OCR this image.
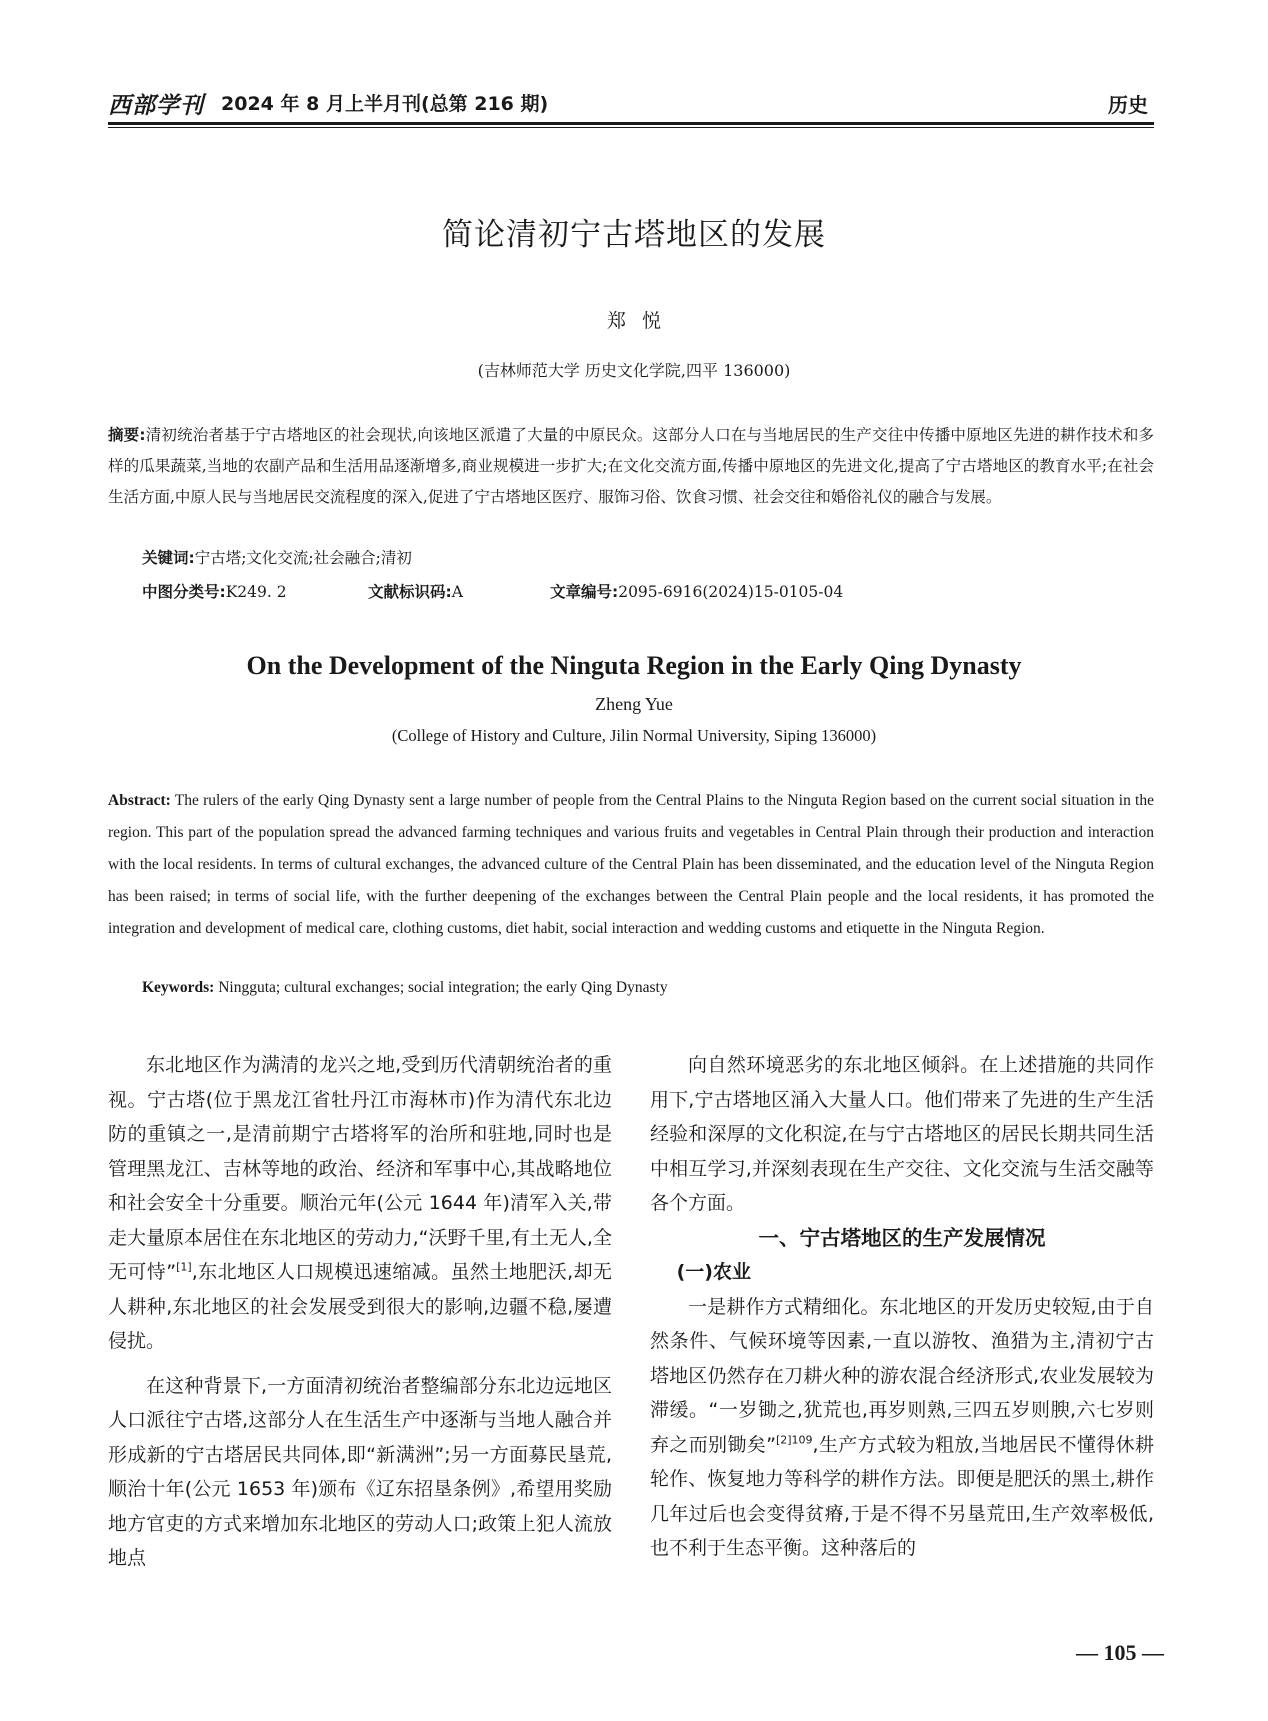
西部学刊 2024 年 8 月上半月刊(总第 216 期)	历史
简论清初宁古塔地区的发展
郑悦
(吉林师范大学 历史文化学院,四平 136000)
摘要:清初统治者基于宁古塔地区的社会现状,向该地区派遣了大量的中原民众。这部分人口在与当地居民的生产交往中传播中原地区先进的耕作技术和多样的瓜果蔬菜,当地的农副产品和生活用品逐渐增多,商业规模进一步扩大;在文化交流方面,传播中原地区的先进文化,提高了宁古塔地区的教育水平;在社会生活方面,中原人民与当地居民交流程度的深入,促进了宁古塔地区医疗、服饰习俗、饮食习惯、社会交往和婚俗礼仪的融合与发展。
关键词:宁古塔;文化交流;社会融合;清初
中图分类号:K249. 2	文献标识码:A	文章编号:2095-6916(2024)15-0105-04
On the Development of the Ninguta Region in the Early Qing Dynasty
Zheng Yue
(College of History and Culture, Jilin Normal University, Siping 136000)
Abstract: The rulers of the early Qing Dynasty sent a large number of people from the Central Plains to the Ninguta Region based on the current social situation in the region. This part of the population spread the advanced farming techniques and various fruits and vegetables in Central Plain through their production and interaction with the local residents. In terms of cultural exchanges, the advanced culture of the Central Plain has been disseminated, and the education level of the Ninguta Region has been raised; in terms of social life, with the further deepening of the exchanges between the Central Plain people and the local residents, it has promoted the integration and development of medical care, clothing customs, diet habit, social interaction and wedding customs and etiquette in the Ninguta Region.
Keywords: Ningguta; cultural exchanges; social integration; the early Qing Dynasty

东北地区作为满清的龙兴之地,受到历代清朝统治者的重视。宁古塔(位于黑龙江省牡丹江市海林市)作为清代东北边防的重镇之一,是清前期宁古塔将军的治所和驻地,同时也是管理黑龙江、吉林等地的政治、经济和军事中心,其战略地位和社会安全十分重要。顺治元年(公元 1644 年)清军入关,带走大量原本居住在东北地区的劳动力,“沃野千里,有土无人,全无可恃”[1],东北地区人口规模迅速缩减。虽然土地肥沃,却无人耕种,东北地区的社会发展受到很大的影响,边疆不稳,屡遭侵扰。

在这种背景下,一方面清初统治者整编部分东北边远地区人口派往宁古塔,这部分人在生活生产中逐渐与当地人融合并形成新的宁古塔居民共同体,即“新满洲”;另一方面募民垦荒,顺治十年(公元 1653 年)颁布《辽东招垦条例》,希望用奖励地方官吏的方式来增加东北地区的劳动人口;政策上犯人流放地点

向自然环境恶劣的东北地区倾斜。在上述措施的共同作用下,宁古塔地区涌入大量人口。他们带来了先进的生产生活经验和深厚的文化积淀,在与宁古塔地区的居民长期共同生活中相互学习,并深刻表现在生产交往、文化交流与生活交融等各个方面。

一、宁古塔地区的生产发展情况
(一)农业

一是耕作方式精细化。东北地区的开发历史较短,由于自然条件、气候环境等因素,一直以游牧、渔猎为主,清初宁古塔地区仍然存在刀耕火种的游农混合经济形式,农业发展较为滞缓。“一岁锄之,犹荒也,再岁则熟,三四五岁则腴,六七岁则弃之而别锄矣”$^{[2]109}$,生产方式较为粗放,当地居民不懂得休耕轮作、恢复地力等科学的耕作方法。即便是肥沃的黑土,耕作几年过后也会变得贫瘠,于是不得不另垦荒田,生产效率极低,也不利于生态平衡。这种落后的

— 105 —
